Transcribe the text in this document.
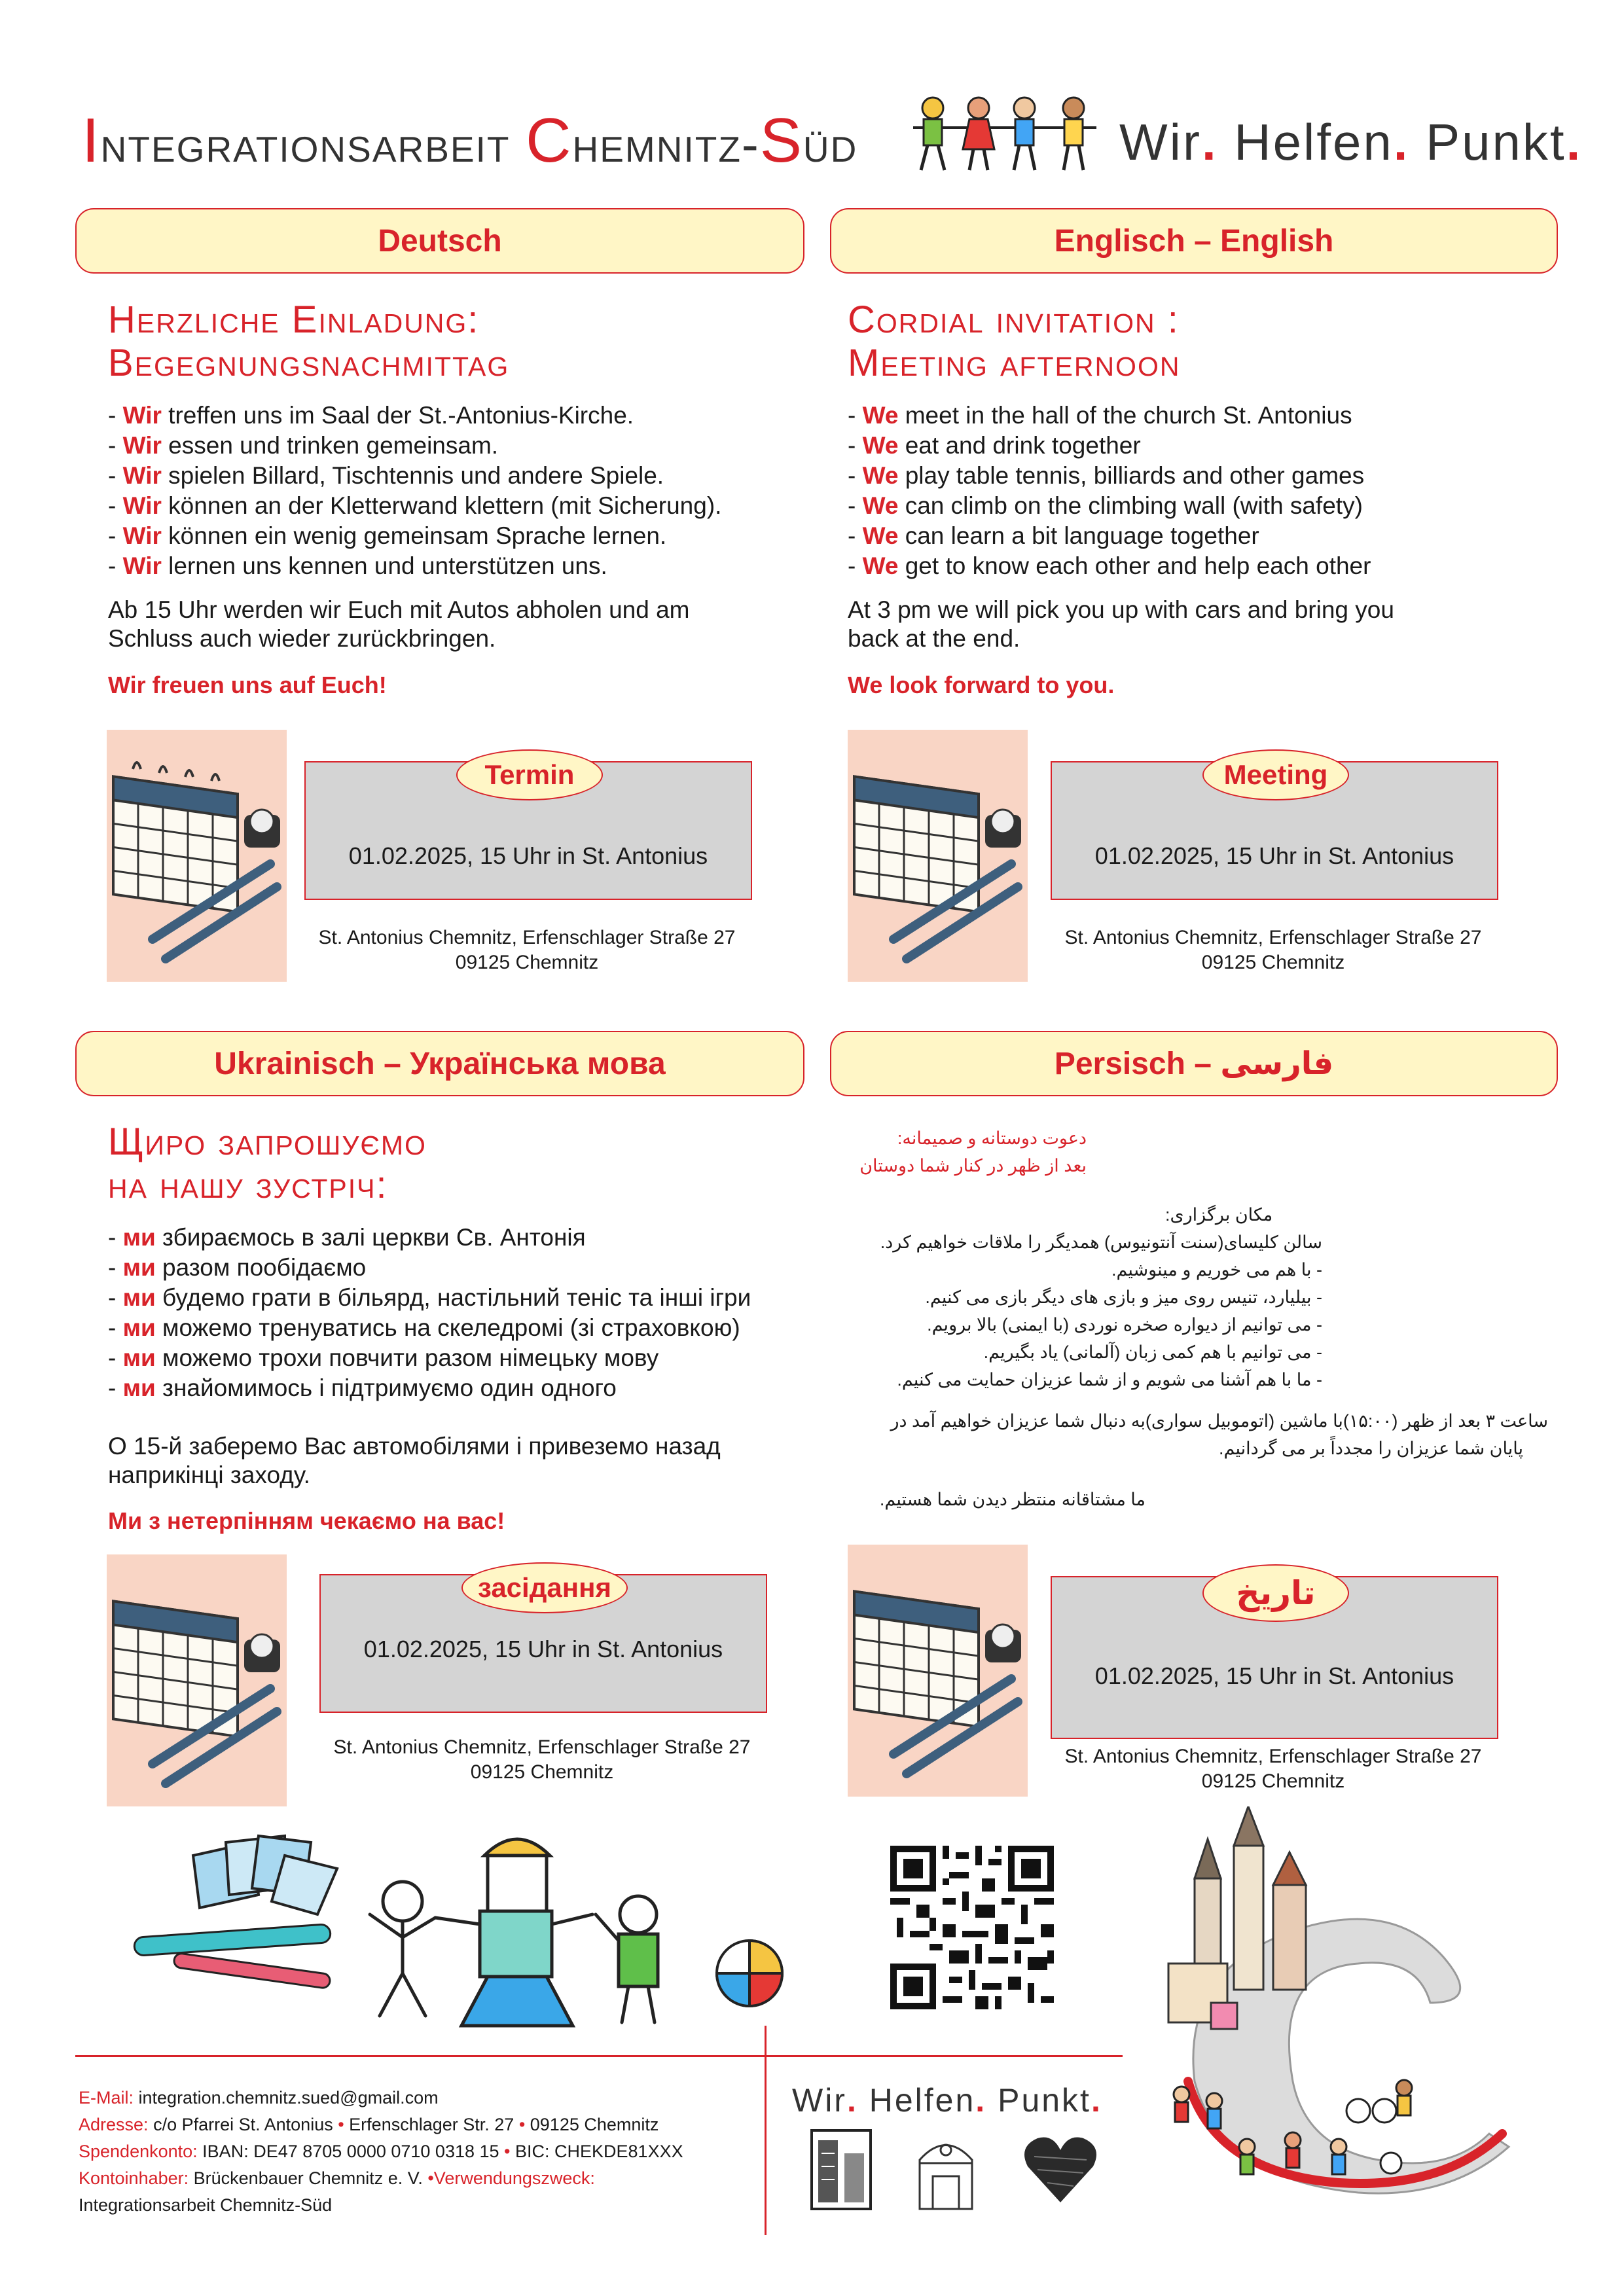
Integrationsarbeit Chemnitz-Süd	Wir. Helfen. Punkt.
Deutsch
Herzliche Einladung:
Begegnungsnachmittag
- Wir treffen uns im Saal der St.-Antonius-Kirche.
- Wir essen und trinken gemeinsam.
- Wir spielen Billard, Tischtennis und andere Spiele.
- Wir können an der Kletterwand klettern (mit Sicherung).
- Wir können ein wenig gemeinsam Sprache lernen.
- Wir lernen uns kennen und unterstützen uns.
Ab 15 Uhr werden wir Euch mit Autos abholen und am Schluss auch wieder zurückbringen.
Wir freuen uns auf Euch!
Termin
01.02.2025, 15 Uhr in St. Antonius
St. Antonius Chemnitz, Erfenschlager Straße 27
09125 Chemnitz
Englisch – English
Cordial invitation :
Meeting afternoon
- We meet in the hall of the church St. Antonius
- We eat and drink together
- We play table tennis, billiards and other games
- We can climb on the climbing wall (with safety)
- We can learn a bit language together
- We get to know each other and help each other
At 3 pm we will pick you up with cars and bring you back at the end.
We look forward to you.
Meeting
01.02.2025, 15 Uhr in St. Antonius
St. Antonius Chemnitz, Erfenschlager Straße 27
09125 Chemnitz
Ukrainisch – Українська мова
Щиро запрошуємо
на нашу зустріч:
- ми збираємось в залі церкви Св. Антонія
- ми разом пообідаємо
- ми будемо грати в більярд, настільний теніс та інші ігри
- ми можемо тренуватись на скеледромі (зі страховкою)
- ми можемо трохи повчити разом німецьку мову
- ми знайомимось і підтримуємо один одного
О 15-й заберемо Вас автомобілями і привеземо назад наприкінці заходу.
Ми з нетерпінням чекаємо на вас!
засідання
01.02.2025, 15 Uhr in St. Antonius
St. Antonius Chemnitz, Erfenschlager Straße 27
09125 Chemnitz
Persisch – فارسی
دعوت دوستانه و صمیمانه:
بعد از ظهر در کنار شما دوستان
مکان برگزاری:
سالن کلیسای(سنت آنتونیوس) همدیگر را ملاقات خواهیم کرد.
- با هم می خوریم و مینوشیم.
- بیلیارد، تنیس روی میز و بازی های دیگر بازی می کنیم.
- می توانیم از دیواره صخره نوردی (با ایمنی) بالا برویم.
- می توانیم با هم کمی زبان (آلمانی) یاد بگیریم.
- ما با هم آشنا می شویم و از شما عزیزان حمایت می کنیم.
ساعت ۳ بعد از ظهر (۱۵:۰۰)با ماشین (اتوموبیل سواری)به دنبال شما عزیزان خواهیم آمد در
پایان شما عزیزان را مجدداً بر می گردانیم.
ما مشتاقانه منتظر دیدن شما هستیم.
تاریخ
01.02.2025, 15 Uhr in St. Antonius
St. Antonius Chemnitz, Erfenschlager Straße 27
09125 Chemnitz
E-Mail: integration.chemnitz.sued@gmail.com
Adresse: c/o Pfarrei St. Antonius • Erfenschlager Str. 27 • 09125 Chemnitz
Spendenkonto: IBAN: DE47 8705 0000 0710 0318 15 • BIC: CHEKDE81XXX
Kontoinhaber: Brückenbauer Chemnitz e. V. •Verwendungszweck:
Integrationsarbeit Chemnitz-Süd
Wir. Helfen. Punkt.
